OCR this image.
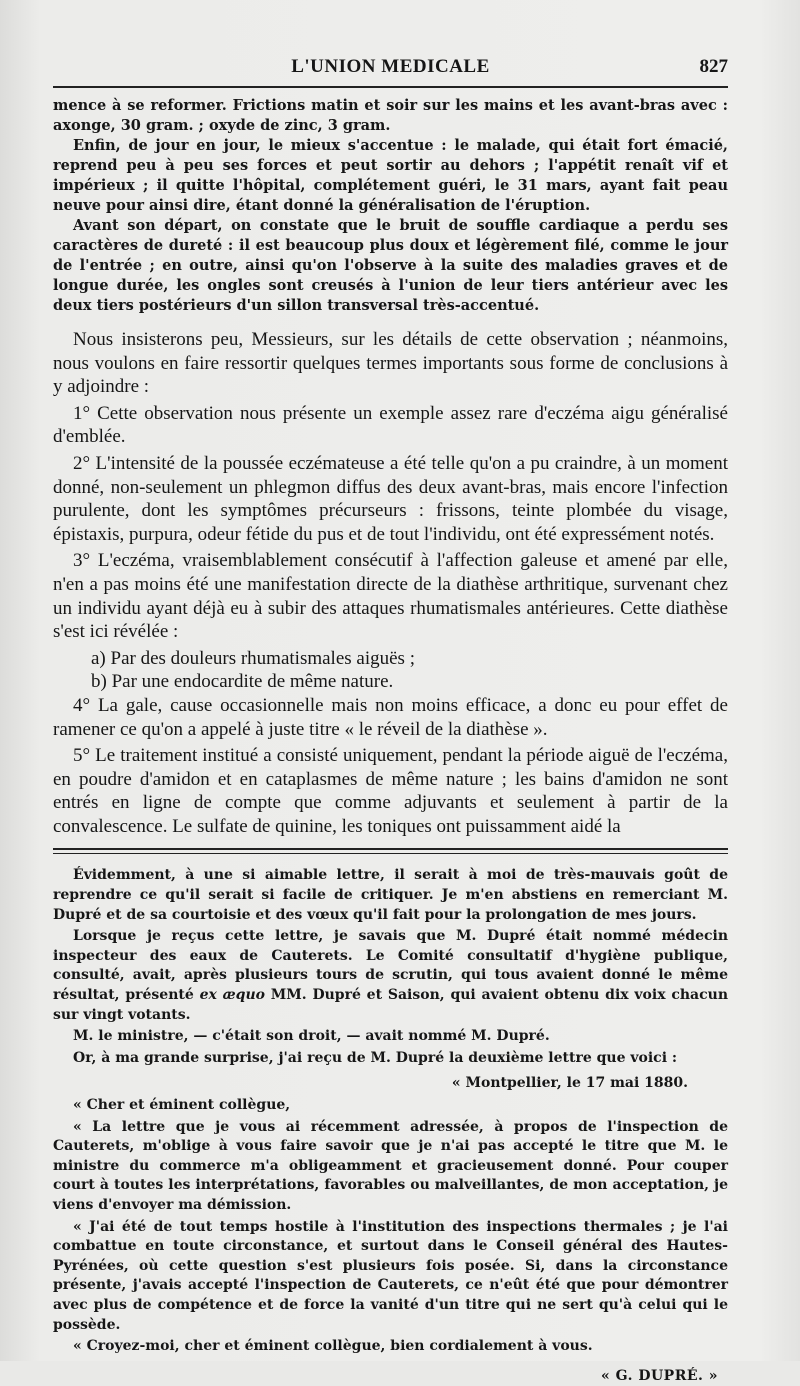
L'UNION MEDICALE	827

mence à se reformer. Frictions matin et soir sur les mains et les avant-bras avec : axonge, 30 gram. ; oxyde de zinc, 3 gram.

Enfin, de jour en jour, le mieux s'accentue : le malade, qui était fort émacié, reprend peu à peu ses forces et peut sortir au dehors ; l'appétit renaît vif et impérieux ; il quitte l'hôpital, complétement guéri, le 31 mars, ayant fait peau neuve pour ainsi dire, étant donné la généralisation de l'éruption.

Avant son départ, on constate que le bruit de souffle cardiaque a perdu ses caractères de dureté : il est beaucoup plus doux et légèrement filé, comme le jour de l'entrée ; en outre, ainsi qu'on l'observe à la suite des maladies graves et de longue durée, les ongles sont creusés à l'union de leur tiers antérieur avec les deux tiers postérieurs d'un sillon transversal très-accentué.

Nous insisterons peu, Messieurs, sur les détails de cette observation ; néanmoins, nous voulons en faire ressortir quelques termes importants sous forme de conclusions à y adjoindre :

1° Cette observation nous présente un exemple assez rare d'eczéma aigu généralisé d'emblée.

2° L'intensité de la poussée eczémateuse a été telle qu'on a pu craindre, à un moment donné, non-seulement un phlegmon diffus des deux avant-bras, mais encore l'infection purulente, dont les symptômes précurseurs : frissons, teinte plombée du visage, épistaxis, purpura, odeur fétide du pus et de tout l'individu, ont été expressément notés.

3° L'eczéma, vraisemblablement consécutif à l'affection galeuse et amené par elle, n'en a pas moins été une manifestation directe de la diathèse arthritique, survenant chez un individu ayant déjà eu à subir des attaques rhumatismales antérieures. Cette diathèse s'est ici révélée :

a) Par des douleurs rhumatismales aiguës ;

b) Par une endocardite de même nature.

4° La gale, cause occasionnelle mais non moins efficace, a donc eu pour effet de ramener ce qu'on a appelé à juste titre « le réveil de la diathèse ».

5° Le traitement institué a consisté uniquement, pendant la période aiguë de l'eczéma, en poudre d'amidon et en cataplasmes de même nature ; les bains d'amidon ne sont entrés en ligne de compte que comme adjuvants et seulement à partir de la convalescence. Le sulfate de quinine, les toniques ont puissamment aidé la

Évidemment, à une si aimable lettre, il serait à moi de très-mauvais goût de reprendre ce qu'il serait si facile de critiquer. Je m'en abstiens en remerciant M. Dupré et de sa courtoisie et des vœux qu'il fait pour la prolongation de mes jours.

Lorsque je reçus cette lettre, je savais que M. Dupré était nommé médecin inspecteur des eaux de Cauterets. Le Comité consultatif d'hygiène publique, consulté, avait, après plusieurs tours de scrutin, qui tous avaient donné le même résultat, présenté ex æquo MM. Dupré et Saison, qui avaient obtenu dix voix chacun sur vingt votants.

M. le ministre, — c'était son droit, — avait nommé M. Dupré.

Or, à ma grande surprise, j'ai reçu de M. Dupré la deuxième lettre que voici :

« Montpellier, le 17 mai 1880.

« Cher et éminent collègue,

« La lettre que je vous ai récemment adressée, à propos de l'inspection de Cauterets, m'oblige à vous faire savoir que je n'ai pas accepté le titre que M. le ministre du commerce m'a obligeamment et gracieusement donné. Pour couper court à toutes les interprétations, favorables ou malveillantes, de mon acceptation, je viens d'envoyer ma démission.

« J'ai été de tout temps hostile à l'institution des inspections thermales ; je l'ai combattue en toute circonstance, et surtout dans le Conseil général des Hautes-Pyrénées, où cette question s'est plusieurs fois posée. Si, dans la circonstance présente, j'avais accepté l'inspection de Cauterets, ce n'eût été que pour démontrer avec plus de compétence et de force la vanité d'un titre qui ne sert qu'à celui qui le possède.

« Croyez-moi, cher et éminent collègue, bien cordialement à vous.

« G. DUPRÉ. »
